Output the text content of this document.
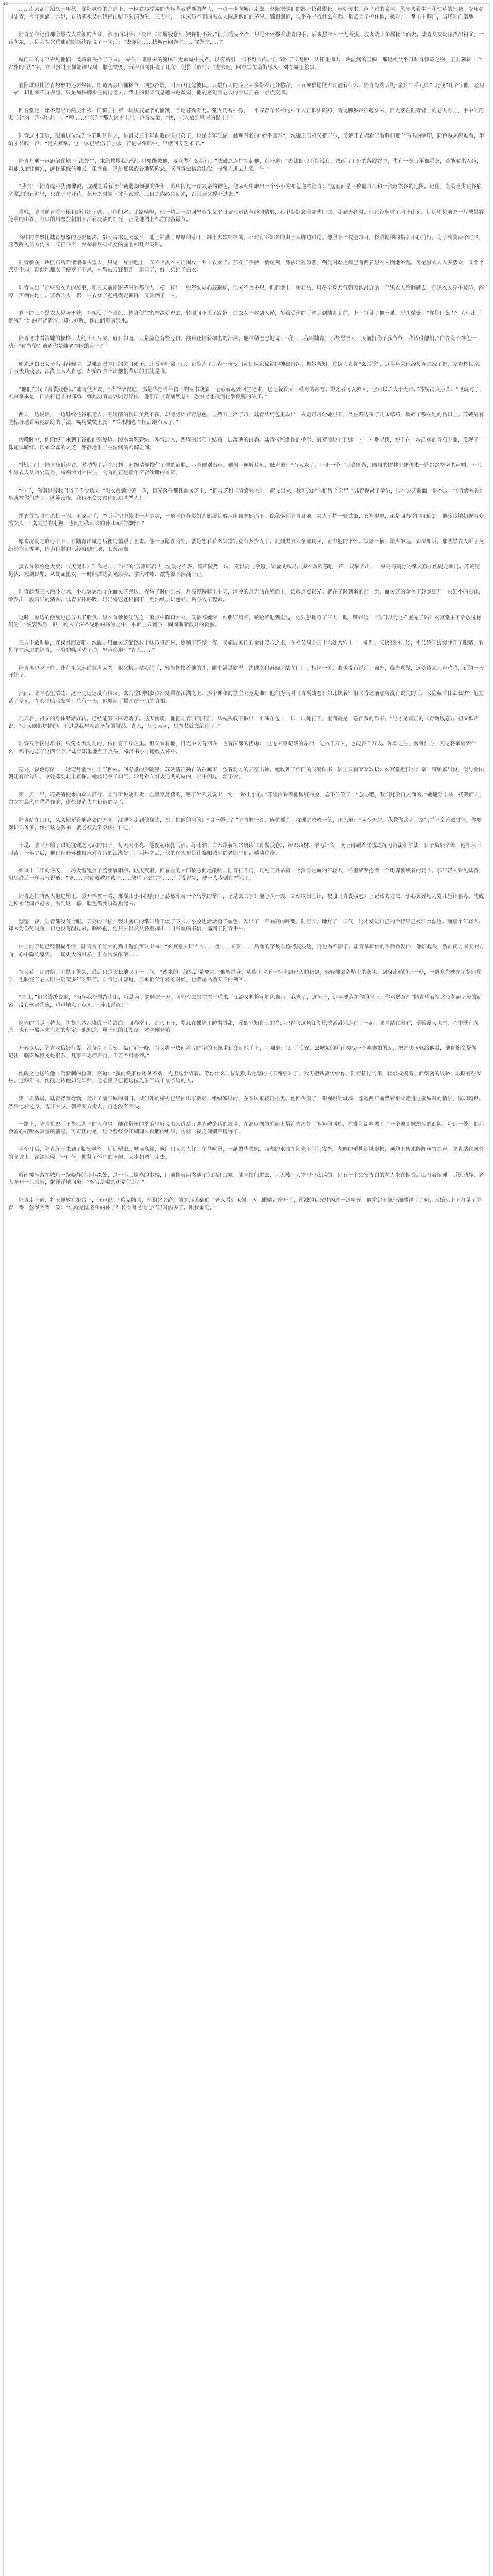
10

……南宋高宗绍兴十年秋，襄阳城外的荒野上，一位衣衫褴褛的少年背着昏迷的老人，一步一步向城门走去。夕阳把他们的影子拉得很长，远处传来几声乌鸦的啼叫，风里夹着尘土和枯草的气味。少年名叫陆青，今年刚满十六岁，自幼随祖父在终南山脚下采药为生。三天前，一伙来历不明的黑衣人闯进他们的茅屋，翻箱倒柜，似乎在寻找什么东西。祖父为了护住他，被对方一掌击中胸口，当场吐血倒地。

陆青至今记得那个黑衣人首领的声音，沙哑而阴冷：“交出《青囊残卷》，饶你们不死。”祖父摇头不语，只是死死握着陆青的手。后来黑衣人一无所获，放火烧了茅屋扬长而去。陆青从灰烬里扒出祖父，一路向东，只因为祖父昏迷前断断续续说了一句话：“去襄阳……找城南回春堂……沈先生……”

城门口的守卫看见他们，皱着眉头拦了下来。“站住！哪里来的流民？近来城中戒严，没有路引一律不得入内。”陆青咬了咬嘴唇，从怀里掏出一块温润的玉佩，那是祖父平日贴身佩戴之物，玉上刻着一个古朴的“沈”字。守卫接过玉佩端详片刻，脸色微变，低声和同伴说了几句，便挥手放行：“进去吧，回春堂在南街尽头，别在城里惹事。”

襄阳城里比陆青想象的还要热闹。街道两旁店铺林立，酒旗招展，叫卖声此起彼伏。只是行人的脸上大多带着几分愁容，三五成群地低声议论着什么。陆青隐约听见“金兵”“岳元帅”“北伐”几个字眼，心里一紧，却也顾不得多想，只是加快脚步往南街走去。背上的祖父气息越来越微弱，他能感觉到老人的手脚正在一点点变凉。

回春堂是一座不起眼的两层小楼，门楣上挂着一块黑底金字的匾额，字迹苍劲有力。堂内药香扑鼻，一个穿青布长衫的中年人正低头碾药，听见脚步声抬起头来，目光落在陆青背上的老人身上，手中的药碾“当”的一声掉在地上。“师……师父？”那人快步上前，声音发颤，“快，把人放到里屋的榻上！”

陆青这才知道，眼前这位沈先生名叫沈砚之，是祖父三十年前收的关门弟子，也是当年江湖上赫赫有名的“妙手回春”。沈砚之替祖父把了脉，又解开衣襟看了看胸口那个乌黑的掌印，脸色越来越难看，半晌才长叹一声：“是玄冥掌。这一掌已经伤了心脉，若是寻常郎中，早就回天乏术了。”

陆青扑通一声跪倒在地：“沈先生，求您救救我爷爷！只要能救他，要我做什么都行！”沈砚之连忙扶起他，沉吟道：“办法倒也不是没有。城西百里外的落霞谷中，生有一株百年血灵芝，若能取来入药，再辅以金针渡穴，或许能保住师父一条性命。只是那落霞谷地势险恶，又有毒虫猛兽出没，寻常人进去九死一生。”

“我去！”陆青毫不犹豫地说。沈砚之看着这个瘦弱却倔强的少年，眼中闪过一丝复杂的神色。他从柜中取出一个小小的布包递给陆青：“这里面是三枚避毒丹和一张落霞谷的地图。记住，血灵芝生在谷底寒潭边的石缝里，只在子时开花，花开之时摘下才有药效。三日之内必须回来，否则师父撑不过去。”

当晚，陆青便背着干粮和药包出了城。月色如水，山路崎岖，他一边走一边回想着祖父平日教他辨认草药的情形，心里默默念着那些口诀。走到天亮时，他已经翻过了两座山头，远远望见前方一片被晨雾笼罩的山谷，谷口的岩壁在朝阳下泛着淡淡的红光，正是地图上标注的落霞谷。

谷中的景象比陆青想象的还要幽深。参天古木遮天蔽日，地上铺满了厚厚的落叶，踩上去软绵绵的，不时有不知名的虫子从脚边窜过。他服下一枚避毒丹，按照地图的指引小心前行。走了约莫两个时辰，忽然听见前方传来一阵打斗声，夹杂着兵刃相交的脆响和几声闷哼。

陆青躲在一块巨石后面悄悄探头望去，只见一片空地上，五六个黑衣人正围攻一名白衣女子。那女子手持一柄短剑，身法轻盈如燕，剑光闪动之间已有两名黑衣人倒地不起。可是黑衣人人多势众，又个个武功不弱，渐渐地那女子便落了下风，左臂被刀锋划开一道口子，鲜血染红了白衣。

陆青认出了那些黑衣人的装束，和三天前闯进茅屋的那伙人一模一样！一股怒火从心底腾起，他来不及多想，抓起地上一块石头，用尽全身力气朝离他最近的一个黑衣人后脑砸去。那黑衣人猝不及防，闷哼一声倒在地上。其余几人一愣，白衣女子趁机剑走偏锋，又刺倒了一人。

剩下的三个黑衣人见势不妙，互相使了个眼色，转身便往密林深处逃去，转眼间不见了踪影。白衣女子收剑入鞘，捂着受伤的手臂走到陆青面前，上下打量了他一番，眉头微蹙：“你是什么人？为何出手帮我？”她的声音清冷，却很好听，像山涧里的泉水。

陆青这才看清她的模样，大约十七八岁，眉目如画，只是脸色有些苍白，额角还挂着细密的汗珠。他结结巴巴地说：“我……我叫陆青，那些黑衣人三天前打伤了我爷爷，我认得他们。”白衣女子神色一动：“你爷爷？难道你是陆老神医的孙子？”

原来这白衣女子名叫苏婉清，是峨眉派掌门的关门弟子，此番奉师命下山，正是为了追查一伙专门劫掠医家秘籍的神秘组织。据她所知，这伙人自称“玄冥堂”，近半年来已经接连血洗了好几家杏林世家，手段极其残忍，江湖上人人自危，却始终查不出他们背后的主使是谁。

“他们在找《青囊残卷》。”陆青低声说，“我爷爷说过，那是华佗当年留下的医书残篇，记载着起死回生之术，也记载着天下最毒的毒方。得之者可以救人，也可以杀人于无形。”苏婉清点点头：“这就对了。玄冥掌本是一门失传已久的邪功，练此功者需以剧毒淬体，他们要《青囊残卷》，恐怕是想找到化解反噬的法子。”

两人一边说话，一边继续往谷底走去。苏婉清的伤口虽然不深，却隐隐泛着青黑色，显然刀上淬了毒。陆青从药包里取出一枚避毒丹让她服下，又在路边采了几味草药，嚼碎了敷在她的伤口上。苏婉清有些惊讶地看着他熟练的手法，嘴角微微上扬：“看来陆老神医后继有人了。”

傍晚时分，他们终于来到了谷底的寒潭边。潭水幽深碧绿，寒气逼人，四周的岩石上结着一层薄薄的白霜。陆青按照地图的指示，沿着潭边的石缝一寸一寸地寻找，终于在一块凸起的青石下面，发现了一株通体暗红、形如伞盖的灵芝，静静地生长在湿润的苔藓之间。

“找到了！”陆青压低声音，激动得手都在发抖。苏婉清却按住了他的肩膀，示意他别出声。她侧耳倾听片刻，低声道：“有人来了，不止一个。”话音刚落，四周的树林里便传来一阵窸窸窣窣的声响，十几个黑衣人从暗处现身，将寒潭团团围住，为首的正是那个声音沙哑的首领。

“小子，你倒是替我们省了不少功夫。”黑衣首领冷笑一声，目光落在那株血灵芝上，“把灵芝和《青囊残卷》一起交出来，我可以给你们留个全尸。”陆青握紧了拳头，挡在灵芝前面一步不退：“《青囊残卷》早就被你们烧了！就算没烧，我也不会交给你们这些恶人！”

黑衣首领眼中杀机一闪，正要动手，忽听半空中传来一声清啸，一道青色身影如大鹏展翅般从崖顶飘然而下，稳稳落在陆青身前。来人手持一管铁箫，衣袂飘飘，正是回春堂的沈砚之。他冷冷地扫视着众黑衣人：“玄冥堂的走狗，也配在我师父的孙儿面前撒野？”

原来沈砚之放心不下，在陆青出城之后便悄悄跟了上来。他一直隐在暗处，就是想看看玄冥堂究竟有多少人手。此刻黑衣人全部现身，正中他的下怀。铁箫一横，箫声乍起，如泣如诉，那些黑衣人听了竟纷纷抱头惨叫，内力稍弱的已经瘫倒在地，七窍流血。

黑衣首领脸色大变：“《天魔引》？你是……当年的‘玉箫郎君’！”沈砚之不答，箫声陡然一转，变得高亢激越，如金戈铁马。黑衣首领怒吼一声，双掌齐出，一股阴寒刺骨的掌风直扑沈砚之面门。苏婉清见状，短剑出鞘，从侧面抢攻，一时间潭边剑光箫影，掌风呼啸，激得潭水翻涌不止。

陆青趁着三人激斗之际，小心翼翼地守在血灵芝旁边，等待子时的到来。月亮慢慢爬上中天，清冷的月光洒在潭面上，泛起点点银光。就在子时到来的那一刻，血灵芝的伞盖下忽然绽开一朵细小的白花，散发出一股奇异的清香。陆青屏住呼吸，轻轻将它连根摘下，用油纸层层包好，贴身收了起来。

这时，潭边的激战也已分出了胜负。黑衣首领被沈砚之一箫点中胸口大穴，又被苏婉清一剑刺穿肩胛，踉跄着退到崖边。他狠狠地瞪了三人一眼，嘶声道：“你们以为这样就完了吗？玄冥堂主不会放过你们的！”说罢纵身一跃，跳入了深不见底的寒潭之中，水面上只留下一圈圈渐渐散开的涟漪。

三人不敢耽搁，连夜赶回襄阳。沈砚之用血灵芝配以数十味珍贵药材，熬制了整整一夜，又施展家传的金针渡穴之术，在祖父周身三十六处大穴上一一施针。天快亮的时候，祖父终于缓缓睁开了眼睛，看见守在床边的陆青，干裂的嘴唇动了动，轻声唤道：“青儿……”

陆青再也忍不住，扑在祖父床前放声大哭。祖父抬起枯瘦的手，轻轻抚摸着他的头，眼中满是欣慰。沈砚之和苏婉清站在门口，相视一笑，谁也没有说话。窗外，晨光熹微，远处传来几声鸡鸣，新的一天开始了。

然而，陆青心里清楚，这一切远远没有结束。玄冥堂的阴影依然笼罩在江湖之上，那个神秘的堂主究竟是谁？他们为何对《青囊残卷》如此执着？祖父昏迷前那句没有说完的话，又隐藏着什么秘密？他握紧了拳头，在心里暗暗发誓：总有一天，他要亲手揭开这一切的真相。

几天后，祖父的身体渐渐好转，已经能够下床走动了。这天傍晚，他把陆青叫到床前，从枕头底下取出一个油布包，一层一层地打开，里面竟是一卷泛黄的帛书。“这才是真正的《青囊残卷》。”祖父低声说，“那天他们烧掉的，不过是我早就准备好的赝品。青儿，从今天起，这卷书就交给你了。”

陆青双手接过帛书，只觉得沉甸甸的，仿佛有千斤之重。祖父看着他，目光中既有期许，也有深深的忧虑：“这卷书里记载的东西，能救千万人，也能害千万人。你要记住，医者仁心，无论将来遇到什么，都不能忘了这四个字。”陆青郑重地点了点头，将帛书小心地收入怀中。

窗外，夜色渐浓，一轮弯月悄悄挂上了柳梢。回春堂的后院里，苏婉清正独自站在廊下，望着北方的天空出神。她收到了师门的飞鸽传书，信上只有寥寥数语：玄冥堂近日在汴京一带频繁出没，似与金国朝廷有所勾结，令她即刻北上查探。她轻轻叹了口气，转身看向灯火通明的屋内，眼中闪过一丝不舍。

第二天一早，苏婉清便来向众人辞行。陆青听说她要走，心里空落落的，憋了半天只说出一句：“路上小心。”苏婉清看着他微红的脸，忍不住笑了：“放心吧，我们还会再见面的。”她翻身上马，扬鞭而去，白衣在晨风中猎猎作响，很快便消失在长街的尽头。

陆青站在门口，久久地望着她离去的方向。沈砚之走到他身边，拍了拍他的肩膀：“舍不得了？”陆青脸一红，连忙摇头。沈砚之哈哈一笑，正色道：“从今天起，我教你武功。玄冥堂不会善罢甘休，你要保护你爷爷，保护这卷医书，就必须先学会保护自己。”

于是，陆青开始了跟随沈砚之习武的日子。每天天不亮，他便起床扎马步、练吐纳；白天跟着祖父研读《青囊残卷》，辨识药材，学习针灸；晚上再跟着沈砚之练习箫法和掌法。日子虽然辛苦，他却从不叫苦。一年之后，他已经能够独自应对寻常的江湖好手；两年之后，他的医术更是让襄阳城里的老郎中们都啧啧称奇。

绍兴十二年的冬天，一场大雪覆盖了整座襄阳城。这天夜里，回春堂的大门被急促地敲响。陆青打开门，只见门外站着一个浑身是血的年轻人，怀里紧紧抱着一个用棉被裹着的婴儿。那年轻人看见陆青，用尽最后一丝力气说道：“求……求你救救这孩子……他中了玄冥掌……”话没说完，便一头栽倒在雪地里。

陆青连忙将两人抱进屋里，掀开棉被一看，那婴儿小小的胸口上赫然印着一个乌黑的掌印，正是玄冥掌！他心头一震，立刻取出金针，按照《青囊残卷》上记载的方法，小心翼翼地为婴儿施针驱毒。沈砚之和祖父闻声赶来，看到这一幕，脸色都变得凝重起来。

整整一夜，陆青都没有合眼。天亮的时候，婴儿胸口的掌印终于淡了下去，小脸也渐渐有了血色，发出了一声响亮的啼哭。陆青长长地舒了一口气，这才发觉自己的后背早已被汗水湿透。而那个年轻人，却因为伤势过重，再也没有醒过来。临终前，他只来得及从怀里掏出一封带血的书信，塞到了陆青手中。

信上的字迹已经模糊不清，陆青费了好大的劲才勉强辨认出来：“玄冥堂主即当今……金……临安……”后面的字被血迹彻底浸透，再也看不清了。陆青拿着信的手微微发抖，他抬起头，望向南方临安的方向，心中隐约感到，一场更大的风暴，正在悄然酝酿……

祖父看了那封信，沉默了很久，最后只是长长地叹了一口气：“该来的，终究还是要来。”他转过身，从墙上取下一柄尘封已久的长剑，轻轻拂去剑鞘上的灰尘。剑身出鞘的那一刻，一道寒光映亮了整间屋子，也映亮了老人眼中沉寂多年的锋芒。陆青这才知道，原来祖父年轻的时候，也曾是名动天下的剑客。

“青儿，”祖父缓缓说道，“当年我隐居终南山，就是为了躲避这一天。可如今玄冥堂卷土重来，江湖又将掀起腥风血雨。我老了，这担子，迟早要落在你的肩上。你可愿意？”陆青望着祖父苍老而坚毅的面容，没有丝毫犹豫，重重地点了点头：“孙儿愿意！”

窗外的雪越下越大，将整座城池染成一片洁白。回春堂里，炉火正旺，婴儿在摇篮里睡得香甜，浑然不知自己的命运已经与这场江湖风波紧紧地连在了一起。陆青站在窗前，望着漫天飞雪，心中既有忐忑，也有一股从未有过的坚定。他知道，属于他的江湖路，才刚刚开始。

开春以后，陆青收拾好行囊，准备南下临安。临行前一晚，祖父将一块刻着“沈”字的玉佩重新交到他手上，叮嘱道：“到了临安，去城东的听雨楼找一个叫秦伯的人，把这块玉佩给他看，他自然会帮你。记住，临安城里龙蛇混杂，凡事三思而后行，千万不可鲁莽。”

沈砚之也送给他一管新制的竹箫，笑道：“我的铁箫你还拿不动，先用这个练着。等你什么时候能吹出完整的《天魔引》了，我再把铁箫传给你。”陆青接过竹箫，轻轻抚摸着上面细密的纹路，眼眶有些发热。这两年来，沈砚之待他如兄如师，他心里早已把这位先生当成了最亲近的人。

第二天清晨，陆青背着行囊，走出了襄阳城的南门。城门外的柳树已经抽出了新芽，嫩绿嫩绿的，在春风里轻轻摇曳。他回头望了一眼巍峨的城墙，想起两年前背着祖父走进这座城时的情景，恍如隔世。然后他转过身，迈开大步，朝着南方走去，再也没有回头。

一路上，陆青见识了不少江湖上的人和事。他在荆州的茶馆里听说书人讲岳元帅大破金兵的故事，在洞庭湖的渔船上帮渔夫治好了多年的顽疾，在鄱阳湖畔救下了一个被山贼劫掠的商队。每到一处，他都会留心打听玄冥堂的消息，可奇怪的是，这个曾经令江湖闻风丧胆的组织，仿佛一夜之间销声匿迹了。

半个月后，陆青终于来到了临安城外。远远望去，城墙高耸，城门口人来人往，车马喧嚣，一派繁华景象。西湖的水波在阳光下闪闪发光，湖畔的垂柳随风飘拂，画舫上传来阵阵丝竹之声。陆青站在城外的高坡上，深深地吸了一口气，握紧了怀中的玉佩，大步朝城门走去。

听雨楼坐落在城东一条僻静的小巷深处，是一座三层高的木楼，门前挂着两盏褪了色的红灯笼。陆青推门进去，只见楼下大堂里空荡荡的，只有一个须发皆白的老人坐在柜台后面打着瞌睡。听见动静，老人睁开一只眼睛，懒洋洋地问道：“客官是喝茶还是住店？”

陆青走上前，将玉佩放在柜台上，低声说：“晚辈陆青，奉祖父之命，前来拜见秦伯。”老人看到玉佩，两只眼睛都睁开了，浑浊的目光中闪过一道精光。他拿起玉佩仔细端详了片刻，又抬头上下打量了陆青一番，忽然咧嘴一笑：“你就是陆老头的孙子？长得倒是比他年轻时俊多了。跟我来吧。”
